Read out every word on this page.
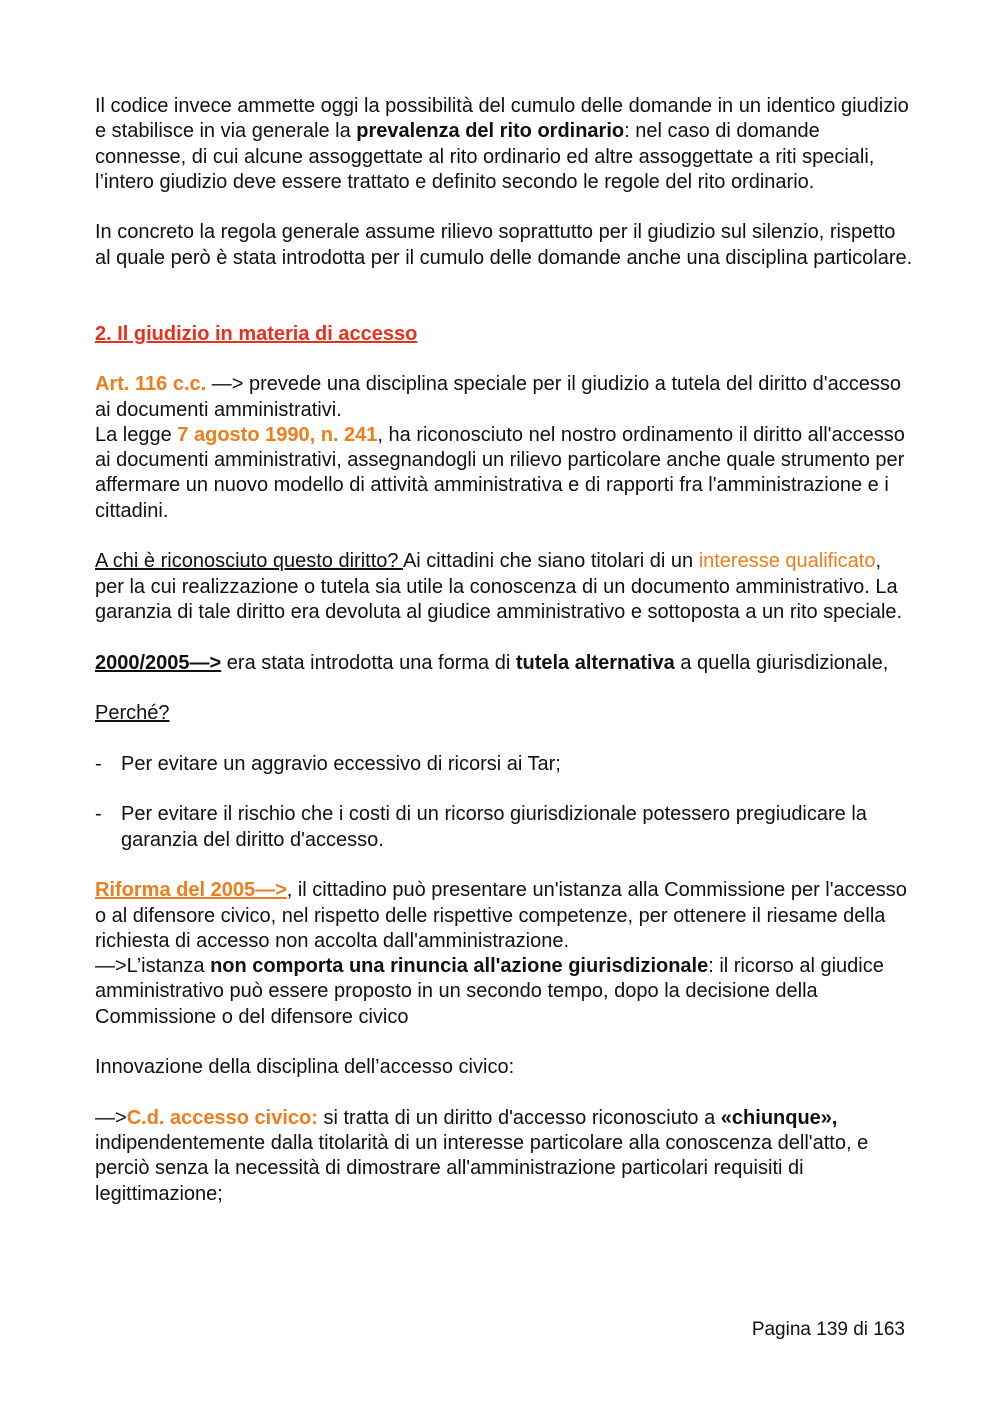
Il codice invece ammette oggi la possibilità del cumulo delle domande in un identico giudizio e stabilisce in via generale la prevalenza del rito ordinario: nel caso di domande connesse, di cui alcune assoggettate al rito ordinario ed altre assoggettate a riti speciali, l’intero giudizio deve essere trattato e definito secondo le regole del rito ordinario.

In concreto la regola generale assume rilievo soprattutto per il giudizio sul silenzio, rispetto al quale però è stata introdotta per il cumulo delle domande anche una disciplina particolare.

2. Il giudizio in materia di accesso

Art. 116 c.c. —> prevede una disciplina speciale per il giudizio a tutela del diritto d'accesso ai documenti amministrativi.
La legge 7 agosto 1990, n. 241, ha riconosciuto nel nostro ordinamento il diritto all'accesso ai documenti amministrativi, assegnandogli un rilievo particolare anche quale strumento per affermare un nuovo modello di attività amministrativa e di rapporti fra l'amministrazione e i cittadini.

A chi è riconosciuto questo diritto? Ai cittadini che siano titolari di un interesse qualificato, per la cui realizzazione o tutela sia utile la conoscenza di un documento amministrativo. La garanzia di tale diritto era devoluta al giudice amministrativo e sottoposta a un rito speciale.

2000/2005—> era stata introdotta una forma di tutela alternativa a quella giurisdizionale,

Perché?

- Per evitare un aggravio eccessivo di ricorsi ai Tar;

- Per evitare il rischio che i costi di un ricorso giurisdizionale potessero pregiudicare la garanzia del diritto d'accesso.

Riforma del 2005—>, il cittadino può presentare un'istanza alla Commissione per l'accesso o al difensore civico, nel rispetto delle rispettive competenze, per ottenere il riesame della richiesta di accesso non accolta dall'amministrazione.
—>L’istanza non comporta una rinuncia all'azione giurisdizionale: il ricorso al giudice amministrativo può essere proposto in un secondo tempo, dopo la decisione della Commissione o del difensore civico

Innovazione della disciplina dell’accesso civico:

—>C.d. accesso civico: si tratta di un diritto d'accesso riconosciuto a «chiunque», indipendentemente dalla titolarità di un interesse particolare alla conoscenza dell'atto, e perciò senza la necessità di dimostrare all'amministrazione particolari requisiti di legittimazione;

Pagina 139 di 163
